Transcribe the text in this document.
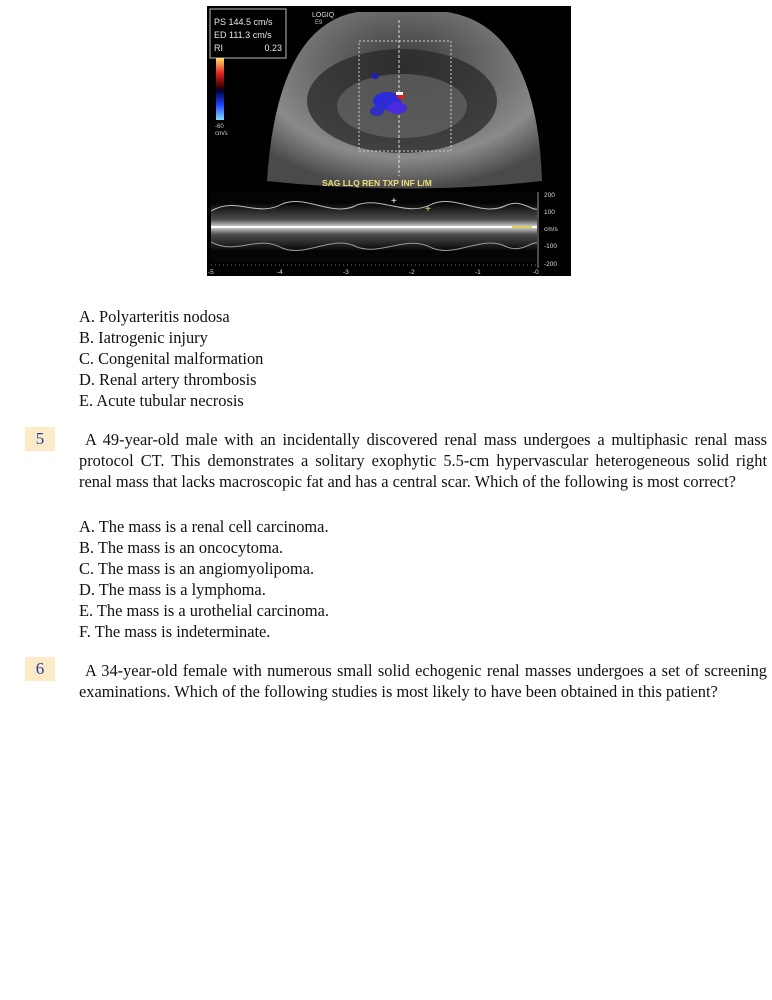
PS 144.5 cm/s
ED 111.3 cm/s
RI	0.23
LOGIQ
E9
-60
cm/s
SAG LLQ REN TXP INF L/M
+
+
200
100
cm/s
-100
-200
-5	-4	-3	-2	-1	-0
A. Polyarteritis nodosa
B. Iatrogenic injury
C. Congenital malformation
D. Renal artery thrombosis
E. Acute tubular necrosis
5	A 49-year-old male with an incidentally discovered renal mass undergoes a multiphasic renal mass protocol CT. This demonstrates a solitary exophytic 5.5-cm hypervascular heterogeneous solid right renal mass that lacks macroscopic fat and has a central scar. Which of the following is most correct?

A. The mass is a renal cell carcinoma.
B. The mass is an oncocytoma.
C. The mass is an angiomyolipoma.
D. The mass is a lymphoma.
E. The mass is a urothelial carcinoma.
F. The mass is indeterminate.
6	A 34-year-old female with numerous small solid echogenic renal masses undergoes a set of screening examinations. Which of the following studies is most likely to have been obtained in this patient?
